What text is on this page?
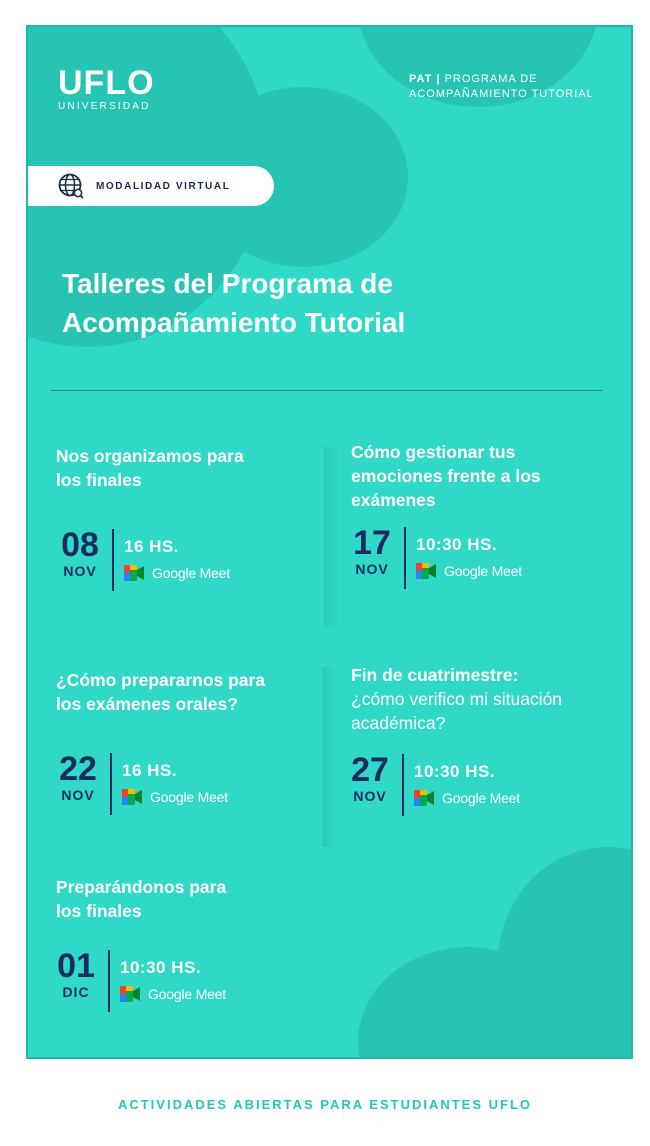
UFLO
UNIVERSIDAD
PAT | PROGRAMA DE
ACOMPAÑAMIENTO TUTORIAL
MODALIDAD VIRTUAL
Talleres del Programa de
Acompañamiento Tutorial
Nos organizamos para
los finales
08
NOV
16 HS.
Google Meet
Cómo gestionar tus
emociones frente a los
exámenes
17
NOV
10:30 HS.
Google Meet
¿Cómo prepararnos para
los exámenes orales?
22
NOV
16 HS.
Google Meet
Fin de cuatrimestre:
¿cómo verifico mi situación
académica?
27
NOV
10:30 HS.
Google Meet
Preparándonos para
los finales
01
DIC
10:30 HS.
Google Meet
ACTIVIDADES ABIERTAS PARA ESTUDIANTES UFLO
